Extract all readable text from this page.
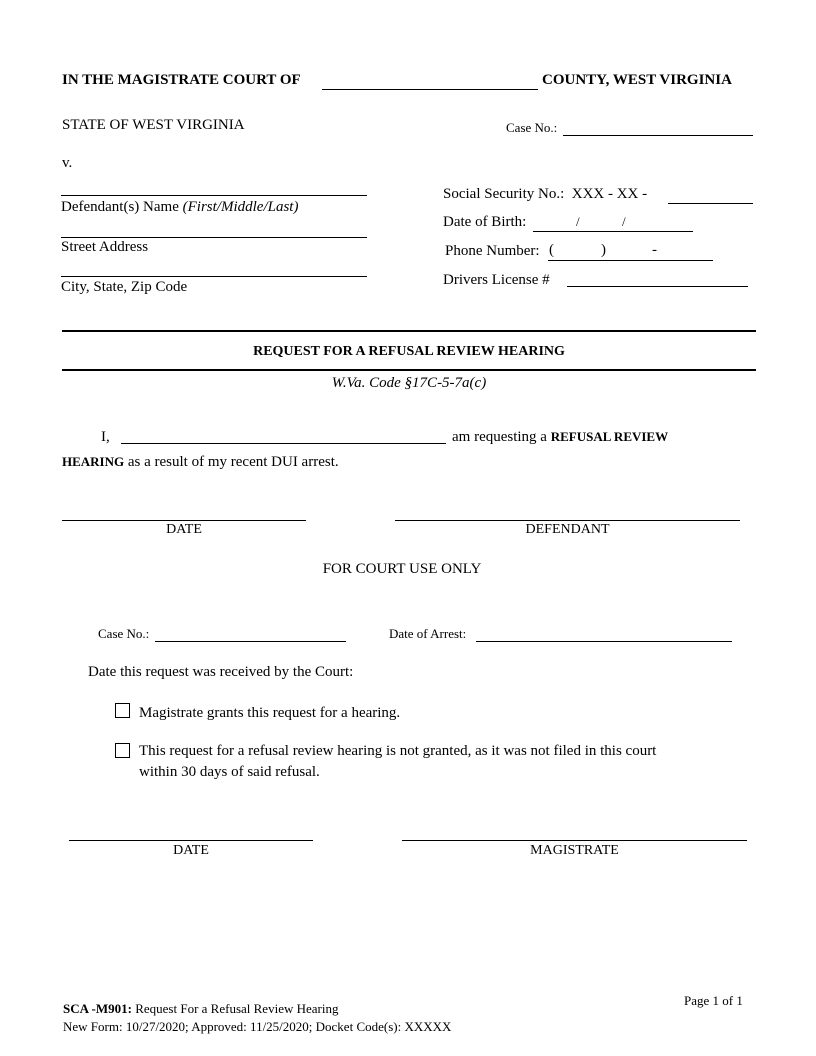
IN THE MAGISTRATE COURT OF	COUNTY, WEST VIRGINIA
STATE OF WEST VIRGINIA
v.
Defendant(s) Name (First/Middle/Last)
Street Address
City, State, Zip Code
Case No.:
Social Security No.: XXX - XX -
Date of Birth:	/	/
Phone Number: (	)	-
Drivers License #
REQUEST FOR A REFUSAL REVIEW HEARING
W.Va. Code §17C-5-7a(c)
I,	am requesting a REFUSAL REVIEW
HEARING as a result of my recent DUI arrest.
DATE	DEFENDANT
FOR COURT USE ONLY
Case No.:	Date of Arrest:
Date this request was received by the Court:
Magistrate grants this request for a hearing.
This request for a refusal review hearing is not granted, as it was not filed in this court
within 30 days of said refusal.
DATE	MAGISTRATE
SCA -M901: Request For a Refusal Review Hearing
New Form: 10/27/2020; Approved: 11/25/2020; Docket Code(s): XXXXX
Page 1 of 1
